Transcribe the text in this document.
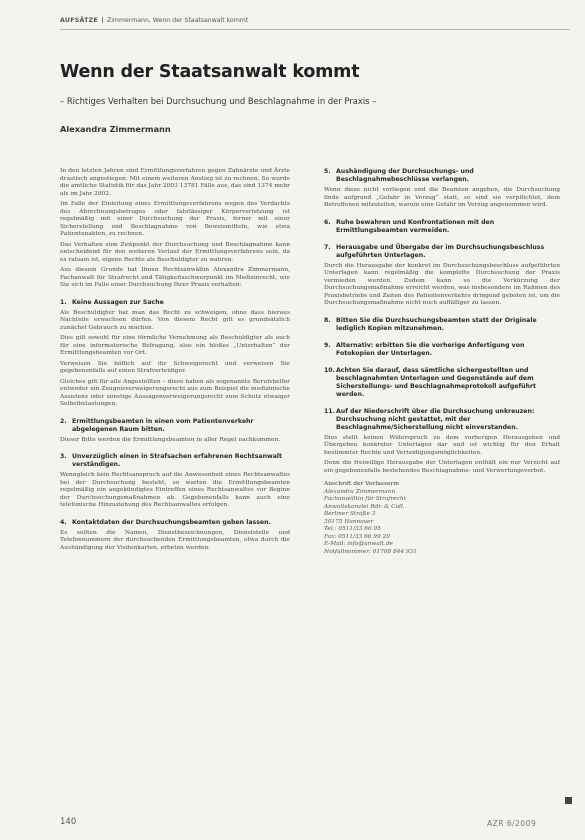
AUFSÄTZE Zimmermann, Wenn der Staatsanwalt kommt
Wenn der Staatsanwalt kommt
– Richtiges Verhalten bei Durchsuchung und Beschlagnahme in der Praxis –
Alexandra Zimmermann

In den letzten Jahren sind Ermittlungsverfahren gegen Zahnärzte und Ärzte drastisch angestiegen. Mit einem weiteren Anstieg ist zu rechnen. So wurde die amtliche Statistik für das Jahr 2003 13781 Fälle aus, das sind 1374 mehr als im Jahr 2002.

Im Falle der Einleitung eines Ermittlungsverfahrens wegen des Verdachts des Abrechnungsbetruges oder fahrlässiger Körperverletzung ist regelmäßig mit einer Durchsuchung der Praxis, ferner mit einer Sicherstellung und Beschlagnahme von Beweismitteln, wie etwa Patientenakten, zu rechnen.

Das Verhalten zum Zeitpunkt der Durchsuchung und Beschlagnahme kann entscheidend für den weiteren Verlauf der Ermittlungsverfahrens sein, da es ratsam ist, eigene Rechte als Beschuldigter zu wahren.

Aus diesem Grunde hat Ihnen Rechtsanwältin Alexandra Zimmermann, Fachanwalt für Strafrecht und Tätigkeitsschwerpunkt im Medizinrecht, wie Sie sich im Falle einer Durchsuchung Ihrer Praxis verhalten:

1. Keine Aussagen zur Sache

Als Beschuldigter hat man das Recht zu schweigen, ohne dass hieraus Nachteile erwachsen dürfen. Von diesem Recht gilt es grundsätzlich zunächst Gebrauch zu machen.

Dies gilt sowohl für eine förmliche Vernehmung als Beschuldigter als auch für eine informatorische Befragung, also ein bloßes „Unterhalten“ der Ermittlungsbeamten vor Ort.

Verweisen Sie höflich auf ihr Schweigerecht und verweisen Sie gegebenenfalls auf einen Strafverteidiger.

Gleiches gilt für alle Angestellten – diese haben als sogenannte Berufshelfer entweder ein Zeugnisverweigerungsrecht aus zum Beispiel die medizinische Assistenz oder sonstige Aussagenverweigerungsrecht zum Schutz etwaiger Selbstbelastungen.

2. Ermittlungsbeamten in einen vom Patientenverkehr abgelegenen Raum bitten.

Dieser Bitte werden die Ermittlungsbeamten in aller Regel nachkommen.

3. Unverzüglich einen in Strafsachen erfahrenen Rechtsanwalt verständigen.

Wenngleich kein Rechtsanspruch auf die Anwesenheit eines Rechtsanwaltes bei der Durchsuchung besteht, so warten die Ermittlungsbeamten regelmäßig ein angekündigtes Eintreffen eines Rechtsanwaltes vor Beginn der Durchsuchungsmaßnahmen ab. Gegebenenfalls kann auch eine telefonische Hinzuziehung des Rechtsanwaltes erfolgen.

4. Kontaktdaten der Durchsuchungsbeamten geben lassen.

Es sollten die Namen, Dienstbezeichnungen, Dienststelle und Telefonnummern der durchsuchenden Ermittlungsbeamten, etwa durch die Aushändigung der Visitenkarten, erbeten werden.

5. Aushändigung der Durchsuchungs- und Beschlagnahmebeschlüsse verlangen.

Wenn diese nicht vorliegen und die Beamten angeben, die Durchsuchung finde aufgrund „Gefahr in Verzug“ statt, so sind sie verpflichtet, dem Betroffenen mitzuteilen, warum eine Gefahr im Verzug angenommen wird.

6. Ruhe bewahren und Konfrontationen mit den Ermittlungsbeamten vermeiden.
7. Herausgabe und Übergabe der im Durchsuchungsbeschluss aufgeführten Unterlagen.

Durch die Herausgabe der konkret im Durchsuchungsbeschluss aufgeführten Unterlagen kann regelmäßig die komplette Durchsuchung der Praxis vermieden werden. Zudem kann so die Verkürzung der Durchsuchungsmaßnahme erreicht werden, was insbesondere im Rahmen des Praxisbetriebs und Zeiten des Patientenverkehrs dringend geboten ist, um die Durchsuchungsmaßnahme nicht noch auffälliger zu lassen.

8. Bitten Sie die Durchsuchungsbeamten statt der Originale lediglich Kopien mitzunehmen.
9. Alternativ: erbitten Sie die vorherige Anfertigung von Fotokopien der Unterlagen.
10. Achten Sie darauf, dass sämtliche sichergestellten und beschlagnahmten Unterlagen und Gegenstände auf dem Sicherstellungs- und Beschlagnahmeprotokoll aufgeführt werden.
11. Auf der Niederschrift über die Durchsuchung unkreuzen: Durchsuchung nicht gestattet, mit der Beschlagnahme/Sicherstellung nicht einverstanden.

Dies stellt keinen Widerspruch zu dem vorherigen Herausgeben und Übergeben konkreter Unterlagen dar und ist wichtig für den Erhalt bestimmter Rechte und Verteidigungsmöglichkeiten.

Denn die freiwillige Herausgabe der Unterlagen enthält ein nur Verzicht auf ein gegebenenfalls bestehendes Beschlagnahme- und Verwertungsverbot.

Anschrift der Verfasserin
Alexandra Zimmermann
Fachanwältin für Strafrecht
Anwaltskanzlei Rdr. & Coll.
Berliner Straße 3
30175 Hannover
Tel.: 0511/33 66 95
Fax: 0511/33 66 99 20
E-Mail: info@anwalt.de
Notfallnummer: 01708 844 931
140	AZR 6/2009
